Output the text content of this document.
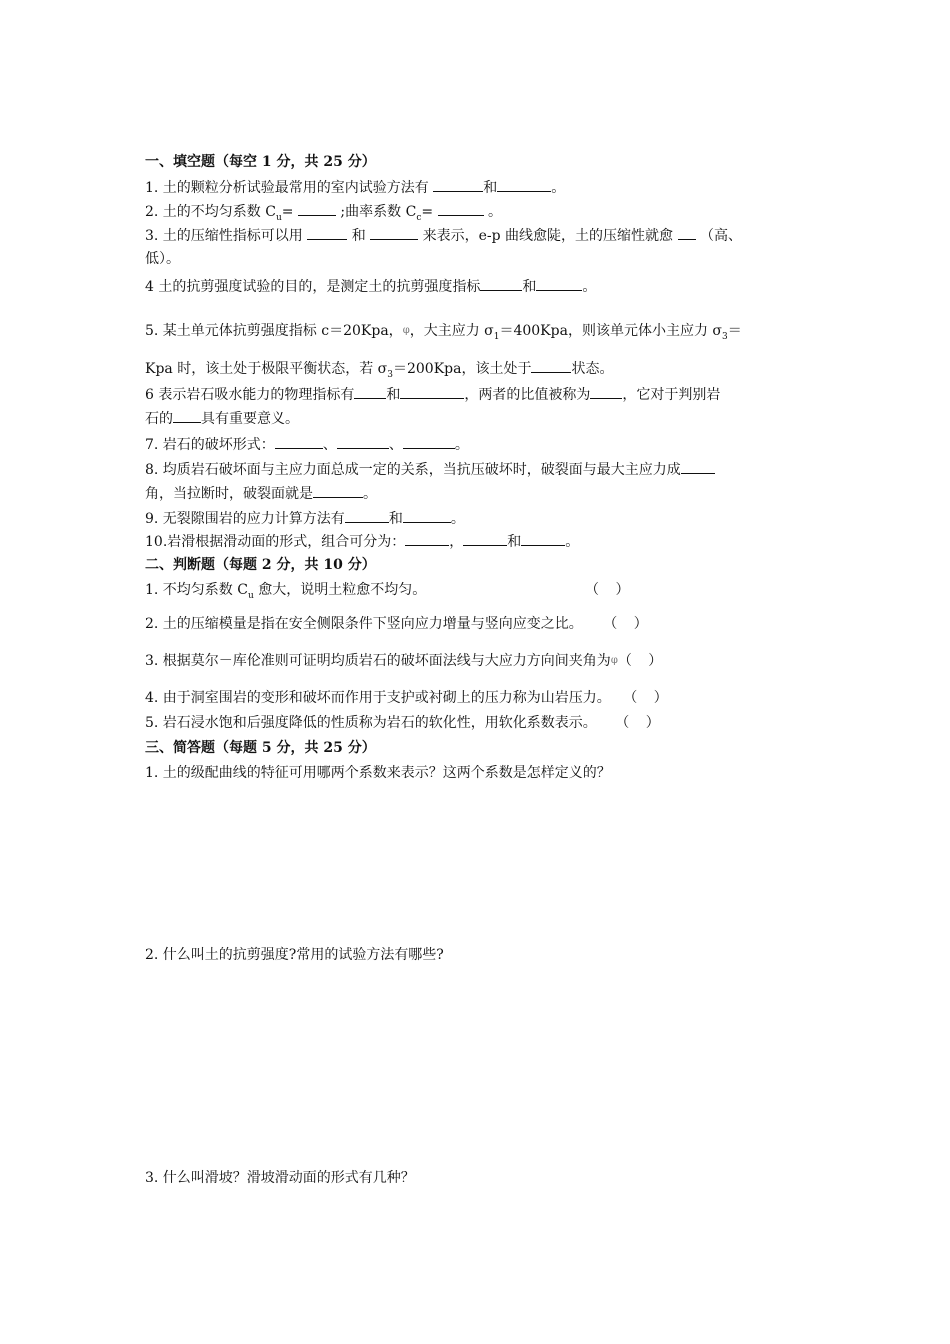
一、填空题（每空 1 分，共 25 分）
1. 土的颗粒分析试验最常用的室内试验方法有	和	。
2. 土的不均匀系数 $C_u=$	;曲率系数 $C_c=$	。
3. 土的压缩性指标可以用	和	来表示，e-p 曲线愈陡，土的压缩性就愈 （高、
低）。
4 土的抗剪强度试验的目的，是测定土的抗剪强度指标	和	。
5. 某土单元体抗剪强度指标 c＝20Kpa，φ，大主应力 $\sigma_1=400Kpa$，则该单元体小主应力 $\sigma_3=$
Kpa 时，该土处于极限平衡状态，若 $\sigma_3=200Kpa$，该土处于	状态。
6 表示岩石吸水能力的物理指标有 和	，两者的比值被称为 ，它对于判别岩
石的 具有重要意义。
7. 岩石的破坏形式：	、	、	。
8. 均质岩石破坏面与主应力面总成一定的关系，当抗压破坏时，破裂面与最大主应力成
角，当拉断时，破裂面就是	。
9. 无裂隙围岩的应力计算方法有	和	。
10.岩滑根据滑动面的形式，组合可分为：	，	和	。
二、判断题（每题 2 分，共 10 分）
1. 不均匀系数 $C_u$ 愈大，说明土粒愈不均匀。	（ ）
2. 土的压缩模量是指在安全侧限条件下竖向应力增量与竖向应变之比。 （ ）
3. 根据莫尔－库伦准则可证明均质岩石的破坏面法线与大应力方向间夹角为φ（ ）
4. 由于洞室围岩的变形和破坏而作用于支护或衬砌上的压力称为山岩压力。 （ ）
5. 岩石浸水饱和后强度降低的性质称为岩石的软化性，用软化系数表示。 （ ）
三、简答题（每题 5 分，共 25 分）
1. 土的级配曲线的特征可用哪两个系数来表示？这两个系数是怎样定义的？
2. 什么叫土的抗剪强度?常用的试验方法有哪些?
3. 什么叫滑坡？滑坡滑动面的形式有几种？
